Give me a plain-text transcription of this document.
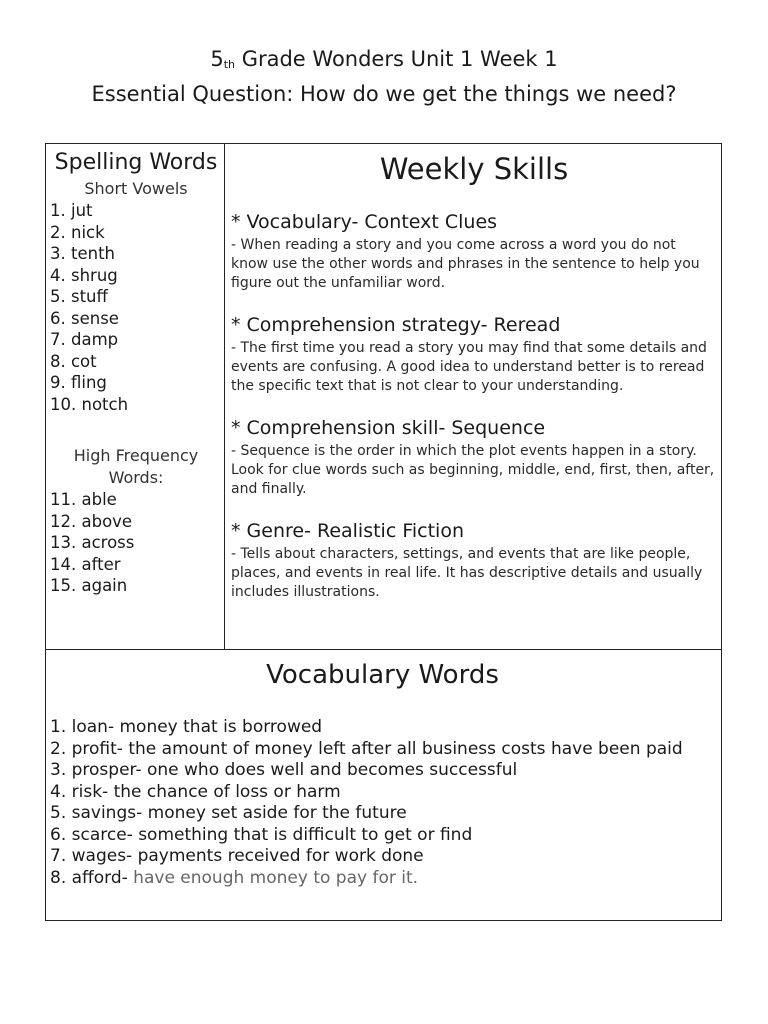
5th Grade Wonders Unit 1 Week 1
Essential Question: How do we get the things we need?
Spelling Words
Short Vowels
1. jut
2. nick
3. tenth
4. shrug
5. stuff
6. sense
7. damp
8. cot
9. fling
10. notch
High Frequency
Words:
11. able
12. above
13. across
14. after
15. again
Weekly Skills
* Vocabulary- Context Clues
- When reading a story and you come across a word you do not know use the other words and phrases in the sentence to help you figure out the unfamiliar word.
* Comprehension strategy- Reread
- The first time you read a story you may find that some details and events are confusing. A good idea to understand better is to reread the specific text that is not clear to your understanding.
* Comprehension skill- Sequence
- Sequence is the order in which the plot events happen in a story. Look for clue words such as beginning, middle, end, first, then, after, and finally.
* Genre- Realistic Fiction
- Tells about characters, settings, and events that are like people, places, and events in real life. It has descriptive details and usually includes illustrations.
Vocabulary Words
1. loan- money that is borrowed
2. profit- the amount of money left after all business costs have been paid
3. prosper- one who does well and becomes successful
4. risk- the chance of loss or harm
5. savings- money set aside for the future
6. scarce- something that is difficult to get or find
7. wages- payments received for work done
8. afford- have enough money to pay for it.
